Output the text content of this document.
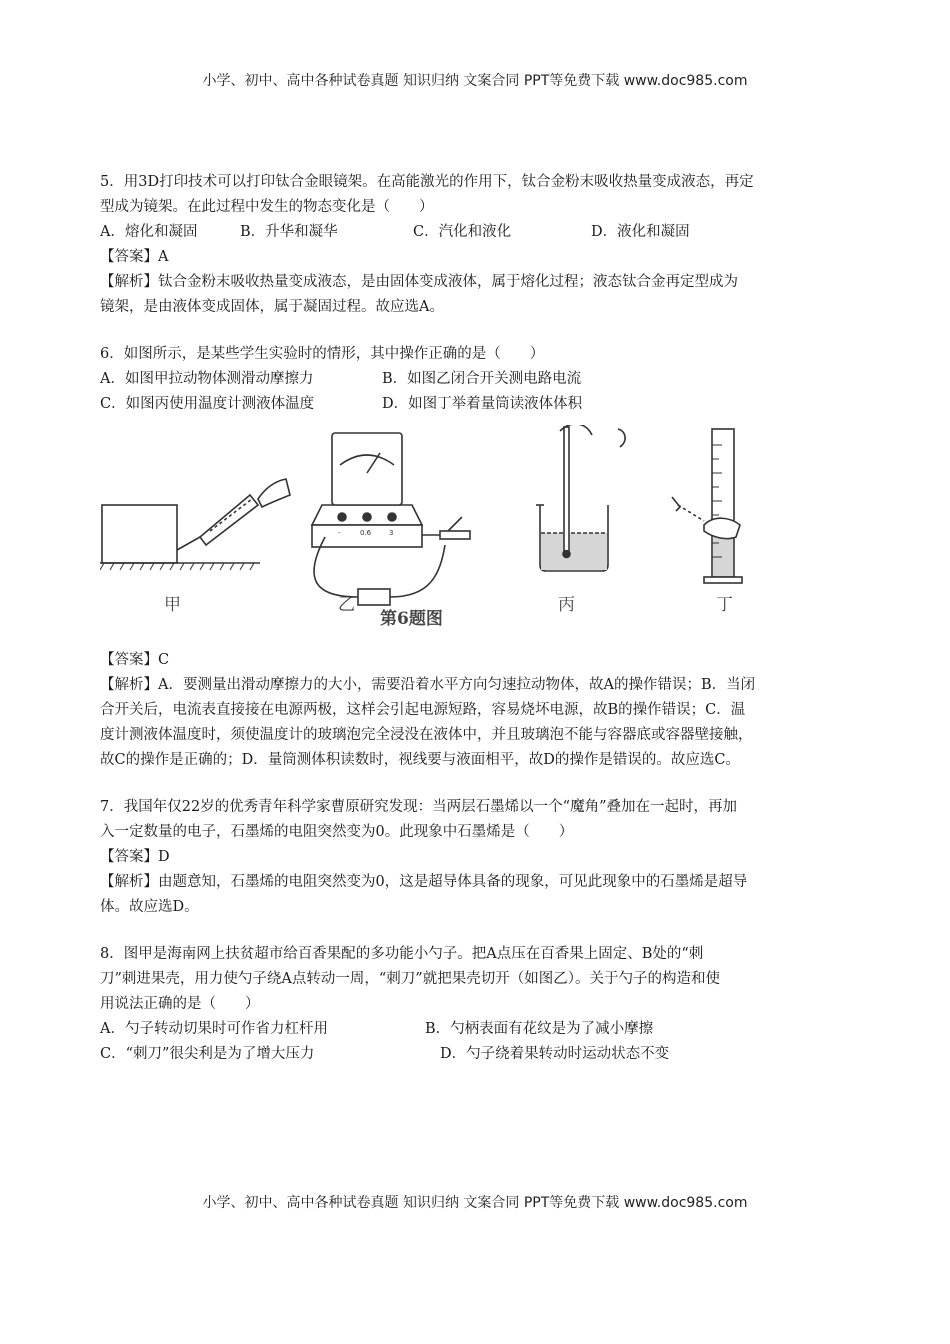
小学、初中、高中各种试卷真题 知识归纳 文案合同 PPT等免费下载 www.doc985.com

5．用3D打印技术可以打印钛合金眼镜架。在高能激光的作用下，钛合金粉末吸收热量变成液态，再定

型成为镜架。在此过程中发生的物态变化是（　　）

A．熔化和凝固	B．升华和凝华	C．汽化和液化	D．液化和凝固

【答案】A

【解析】钛合金粉末吸收热量变成液态，是由固体变成液体，属于熔化过程；液态钛合金再定型成为

镜架，是由液体变成固体，属于凝固过程。故应选A。

6．如图所示，是某些学生实验时的情形，其中操作正确的是（　　）

A．如图甲拉动物体测滑动摩擦力	B．如图乙闭合开关测电路电流
C．如图丙使用温度计测液体温度	D．如图丁举着量筒读液体体积
-	0.6	3
甲	乙	丙	丁
第6题图

【答案】C

【解析】A．要测量出滑动摩擦力的大小，需要沿着水平方向匀速拉动物体，故A的操作错误；B．当闭

合开关后，电流表直接接在电源两极，这样会引起电源短路，容易烧坏电源，故B的操作错误；C．温

度计测液体温度时，须使温度计的玻璃泡完全浸没在液体中，并且玻璃泡不能与容器底或容器壁接触，

故C的操作是正确的；D．量筒测体积读数时，视线要与液面相平，故D的操作是错误的。故应选C。

7．我国年仅22岁的优秀青年科学家曹原研究发现：当两层石墨烯以一个“魔角”叠加在一起时，再加

入一定数量的电子，石墨烯的电阻突然变为0。此现象中石墨烯是（　　）

【答案】D

【解析】由题意知，石墨烯的电阻突然变为0，这是超导体具备的现象，可见此现象中的石墨烯是超导

体。故应选D。

8．图甲是海南网上扶贫超市给百香果配的多功能小勺子。把A点压在百香果上固定、B处的“刺

刀”刺进果壳，用力使勺子绕A点转动一周，“刺刀”就把果壳切开（如图乙）。关于勺子的构造和使

用说法正确的是（　　）

A．勺子转动切果时可作省力杠杆用	B．勺柄表面有花纹是为了减小摩擦
C．“刺刀”很尖利是为了增大压力	D．勺子绕着果转动时运动状态不变
小学、初中、高中各种试卷真题 知识归纳 文案合同 PPT等免费下载 www.doc985.com
